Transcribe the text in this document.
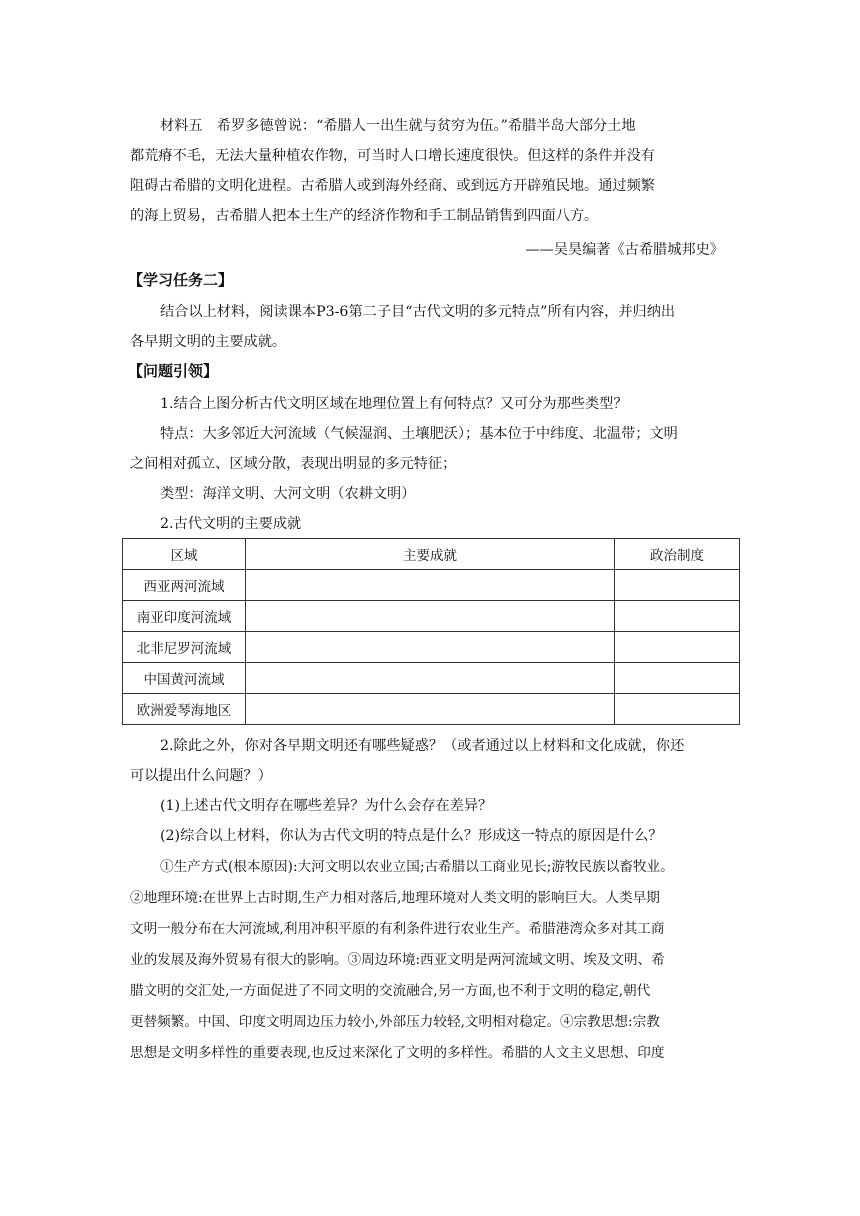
材料五　希罗多德曾说：“希腊人一出生就与贫穷为伍。”希腊半岛大部分土地
都荒瘠不毛，无法大量种植农作物，可当时人口增长速度很快。但这样的条件并没有
阻碍古希腊的文明化进程。古希腊人或到海外经商、或到远方开辟殖民地。通过频繁
的海上贸易，古希腊人把本土生产的经济作物和手工制品销售到四面八方。
——吴昊编著《古希腊城邦史》
【学习任务二】
结合以上材料，阅读课本P3-6第二子目“古代文明的多元特点”所有内容，并归纳出
各早期文明的主要成就。
【问题引领】
1.结合上图分析古代文明区域在地理位置上有何特点？又可分为那些类型？
特点：大多邻近大河流域（气候湿润、土壤肥沃）；基本位于中纬度、北温带；文明
之间相对孤立、区域分散，表现出明显的多元特征；
类型：海洋文明、大河文明（农耕文明）
2.古代文明的主要成就
区域	主要成就	政治制度
西亚两河流域		
南亚印度河流域		
北非尼罗河流域		
中国黄河流域		
欧洲爱琴海地区		
2.除此之外，你对各早期文明还有哪些疑惑？（或者通过以上材料和文化成就，你还
可以提出什么问题？）
(1)上述古代文明存在哪些差异？为什么会存在差异？
(2)综合以上材料，你认为古代文明的特点是什么？形成这一特点的原因是什么？
①生产方式(根本原因):大河文明以农业立国;古希腊以工商业见长;游牧民族以畜牧业。
②地理环境:在世界上古时期,生产力相对落后,地理环境对人类文明的影响巨大。人类早期
文明一般分布在大河流域,利用冲积平原的有利条件进行农业生产。希腊港湾众多对其工商
业的发展及海外贸易有很大的影响。③周边环境:西亚文明是两河流域文明、埃及文明、希
腊文明的交汇处,一方面促进了不同文明的交流融合,另一方面,也不利于文明的稳定,朝代
更替频繁。中国、印度文明周边压力较小,外部压力较轻,文明相对稳定。④宗教思想:宗教
思想是文明多样性的重要表现,也反过来深化了文明的多样性。希腊的人文主义思想、印度
